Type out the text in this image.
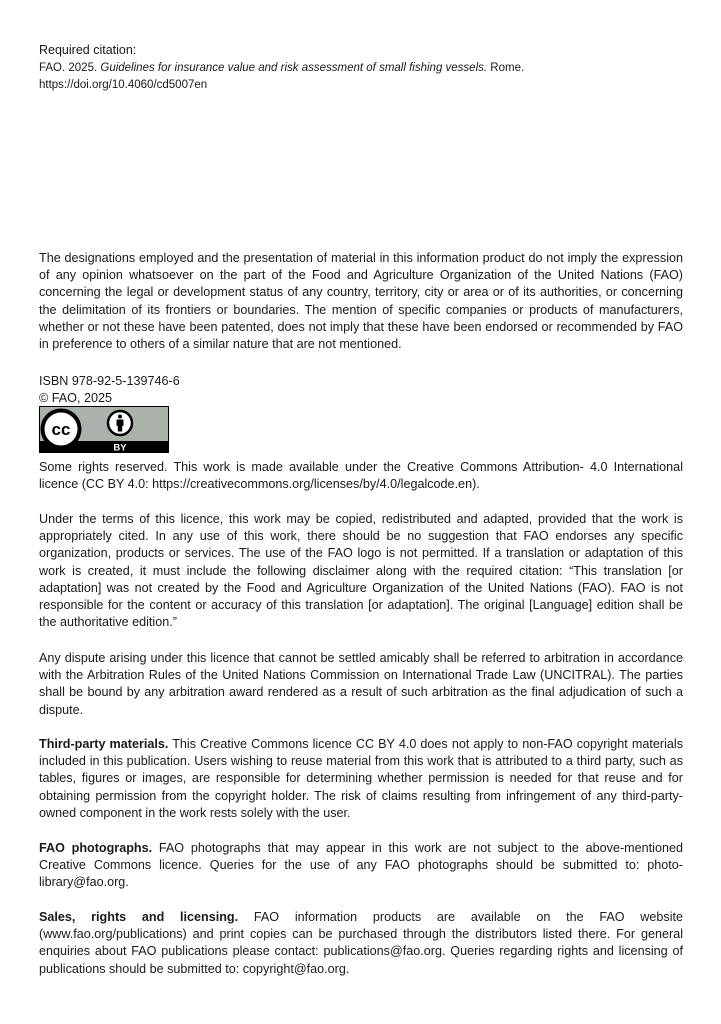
Required citation:

FAO. 2025. Guidelines for insurance value and risk assessment of small fishing vessels. Rome. https://doi.org/10.4060/cd5007en

The designations employed and the presentation of material in this information product do not imply the expression of any opinion whatsoever on the part of the Food and Agriculture Organization of the United Nations (FAO) concerning the legal or development status of any country, territory, city or area or of its authorities, or concerning the delimitation of its frontiers or boundaries. The mention of specific companies or products of manufacturers, whether or not these have been patented, does not imply that these have been endorsed or recommended by FAO in preference to others of a similar nature that are not mentioned.

ISBN 978-92-5-139746-6
© FAO, 2025
cc
BY

Some rights reserved. This work is made available under the Creative Commons Attribution- 4.0 International licence (CC BY 4.0: https://creativecommons.org/licenses/by/4.0/legalcode.en).

Under the terms of this licence, this work may be copied, redistributed and adapted, provided that the work is appropriately cited. In any use of this work, there should be no suggestion that FAO endorses any specific organization, products or services. The use of the FAO logo is not permitted. If a translation or adaptation of this work is created, it must include the following disclaimer along with the required citation: “This translation [or adaptation] was not created by the Food and Agriculture Organization of the United Nations (FAO). FAO is not responsible for the content or accuracy of this translation [or adaptation]. The original [Language] edition shall be the authoritative edition.”

Any dispute arising under this licence that cannot be settled amicably shall be referred to arbitration in accordance with the Arbitration Rules of the United Nations Commission on International Trade Law (UNCITRAL). The parties shall be bound by any arbitration award rendered as a result of such arbitration as the final adjudication of such a dispute.

Third-party materials. This Creative Commons licence CC BY 4.0 does not apply to non-FAO copyright materials included in this publication. Users wishing to reuse material from this work that is attributed to a third party, such as tables, figures or images, are responsible for determining whether permission is needed for that reuse and for obtaining permission from the copyright holder. The risk of claims resulting from infringement of any third-party-owned component in the work rests solely with the user.

FAO photographs. FAO photographs that may appear in this work are not subject to the above-mentioned Creative Commons licence. Queries for the use of any FAO photographs should be submitted to: photo-library@fao.org.

Sales, rights and licensing. FAO information products are available on the FAO website (www.fao.org/publications) and print copies can be purchased through the distributors listed there. For general enquiries about FAO publications please contact: publications@fao.org. Queries regarding rights and licensing of publications should be submitted to: copyright@fao.org.
